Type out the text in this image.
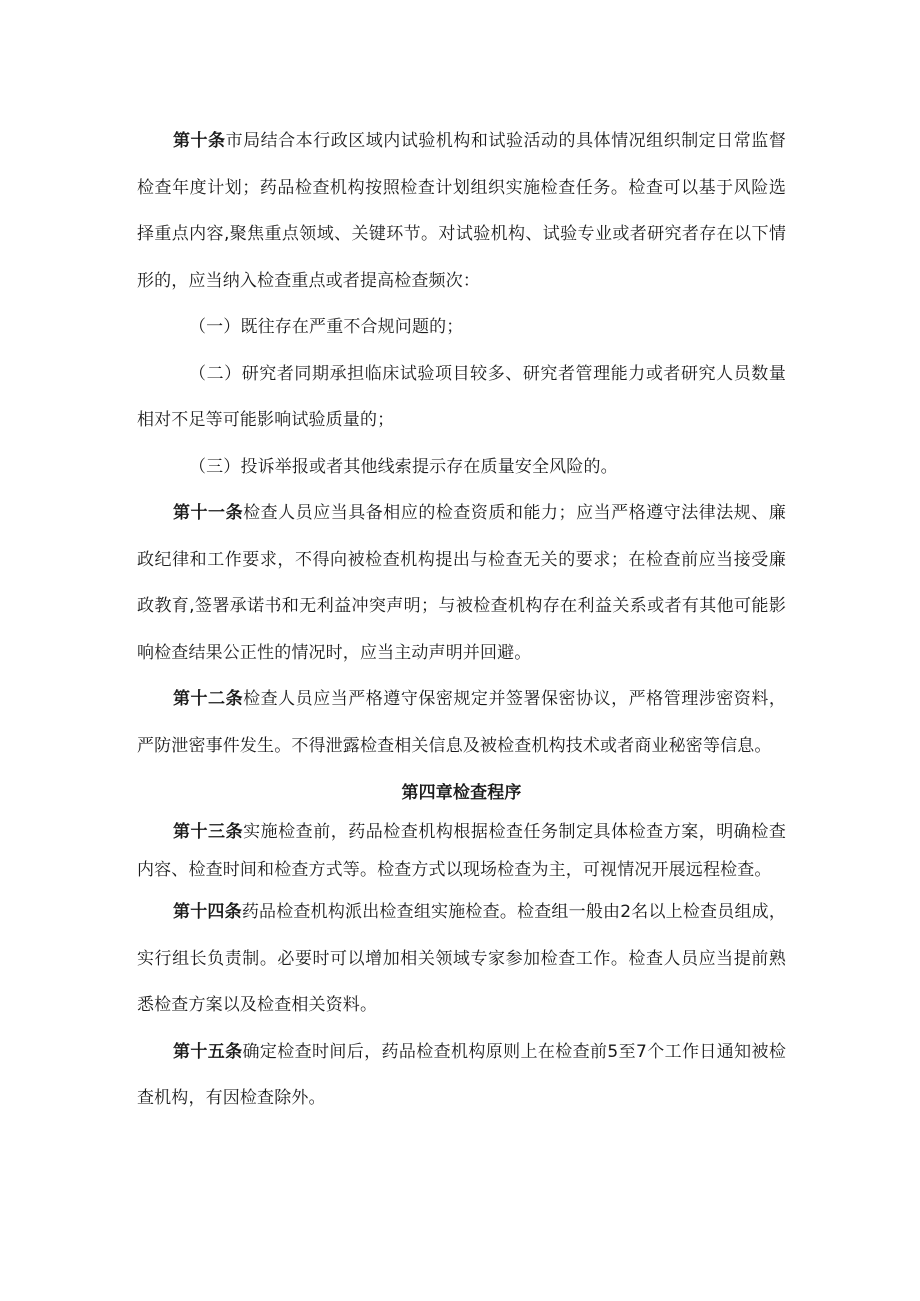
第十条市局结合本行政区域内试验机构和试验活动的具体情况组织制定日常监督检查年度计划；药品检查机构按照检查计划组织实施检查任务。检查可以基于风险选择重点内容,聚焦重点领域、关键环节。对试验机构、试验专业或者研究者存在以下情形的，应当纳入检查重点或者提高检查频次：

（一）既往存在严重不合规问题的；

（二）研究者同期承担临床试验项目较多、研究者管理能力或者研究人员数量相对不足等可能影响试验质量的；

（三）投诉举报或者其他线索提示存在质量安全风险的。

第十一条检查人员应当具备相应的检查资质和能力；应当严格遵守法律法规、廉政纪律和工作要求，不得向被检查机构提出与检查无关的要求；在检查前应当接受廉政教育,签署承诺书和无利益冲突声明；与被检查机构存在利益关系或者有其他可能影响检查结果公正性的情况时，应当主动声明并回避。

第十二条检查人员应当严格遵守保密规定并签署保密协议，严格管理涉密资料，严防泄密事件发生。不得泄露检查相关信息及被检查机构技术或者商业秘密等信息。

第四章检查程序

第十三条实施检查前，药品检查机构根据检查任务制定具体检查方案，明确检查内容、检查时间和检查方式等。检查方式以现场检查为主，可视情况开展远程检查。

第十四条药品检查机构派出检查组实施检查。检查组一般由2名以上检查员组成，实行组长负责制。必要时可以增加相关领域专家参加检查工作。检查人员应当提前熟悉检查方案以及检查相关资料。

第十五条确定检查时间后，药品检查机构原则上在检查前5至7个工作日通知被检查机构，有因检查除外。
